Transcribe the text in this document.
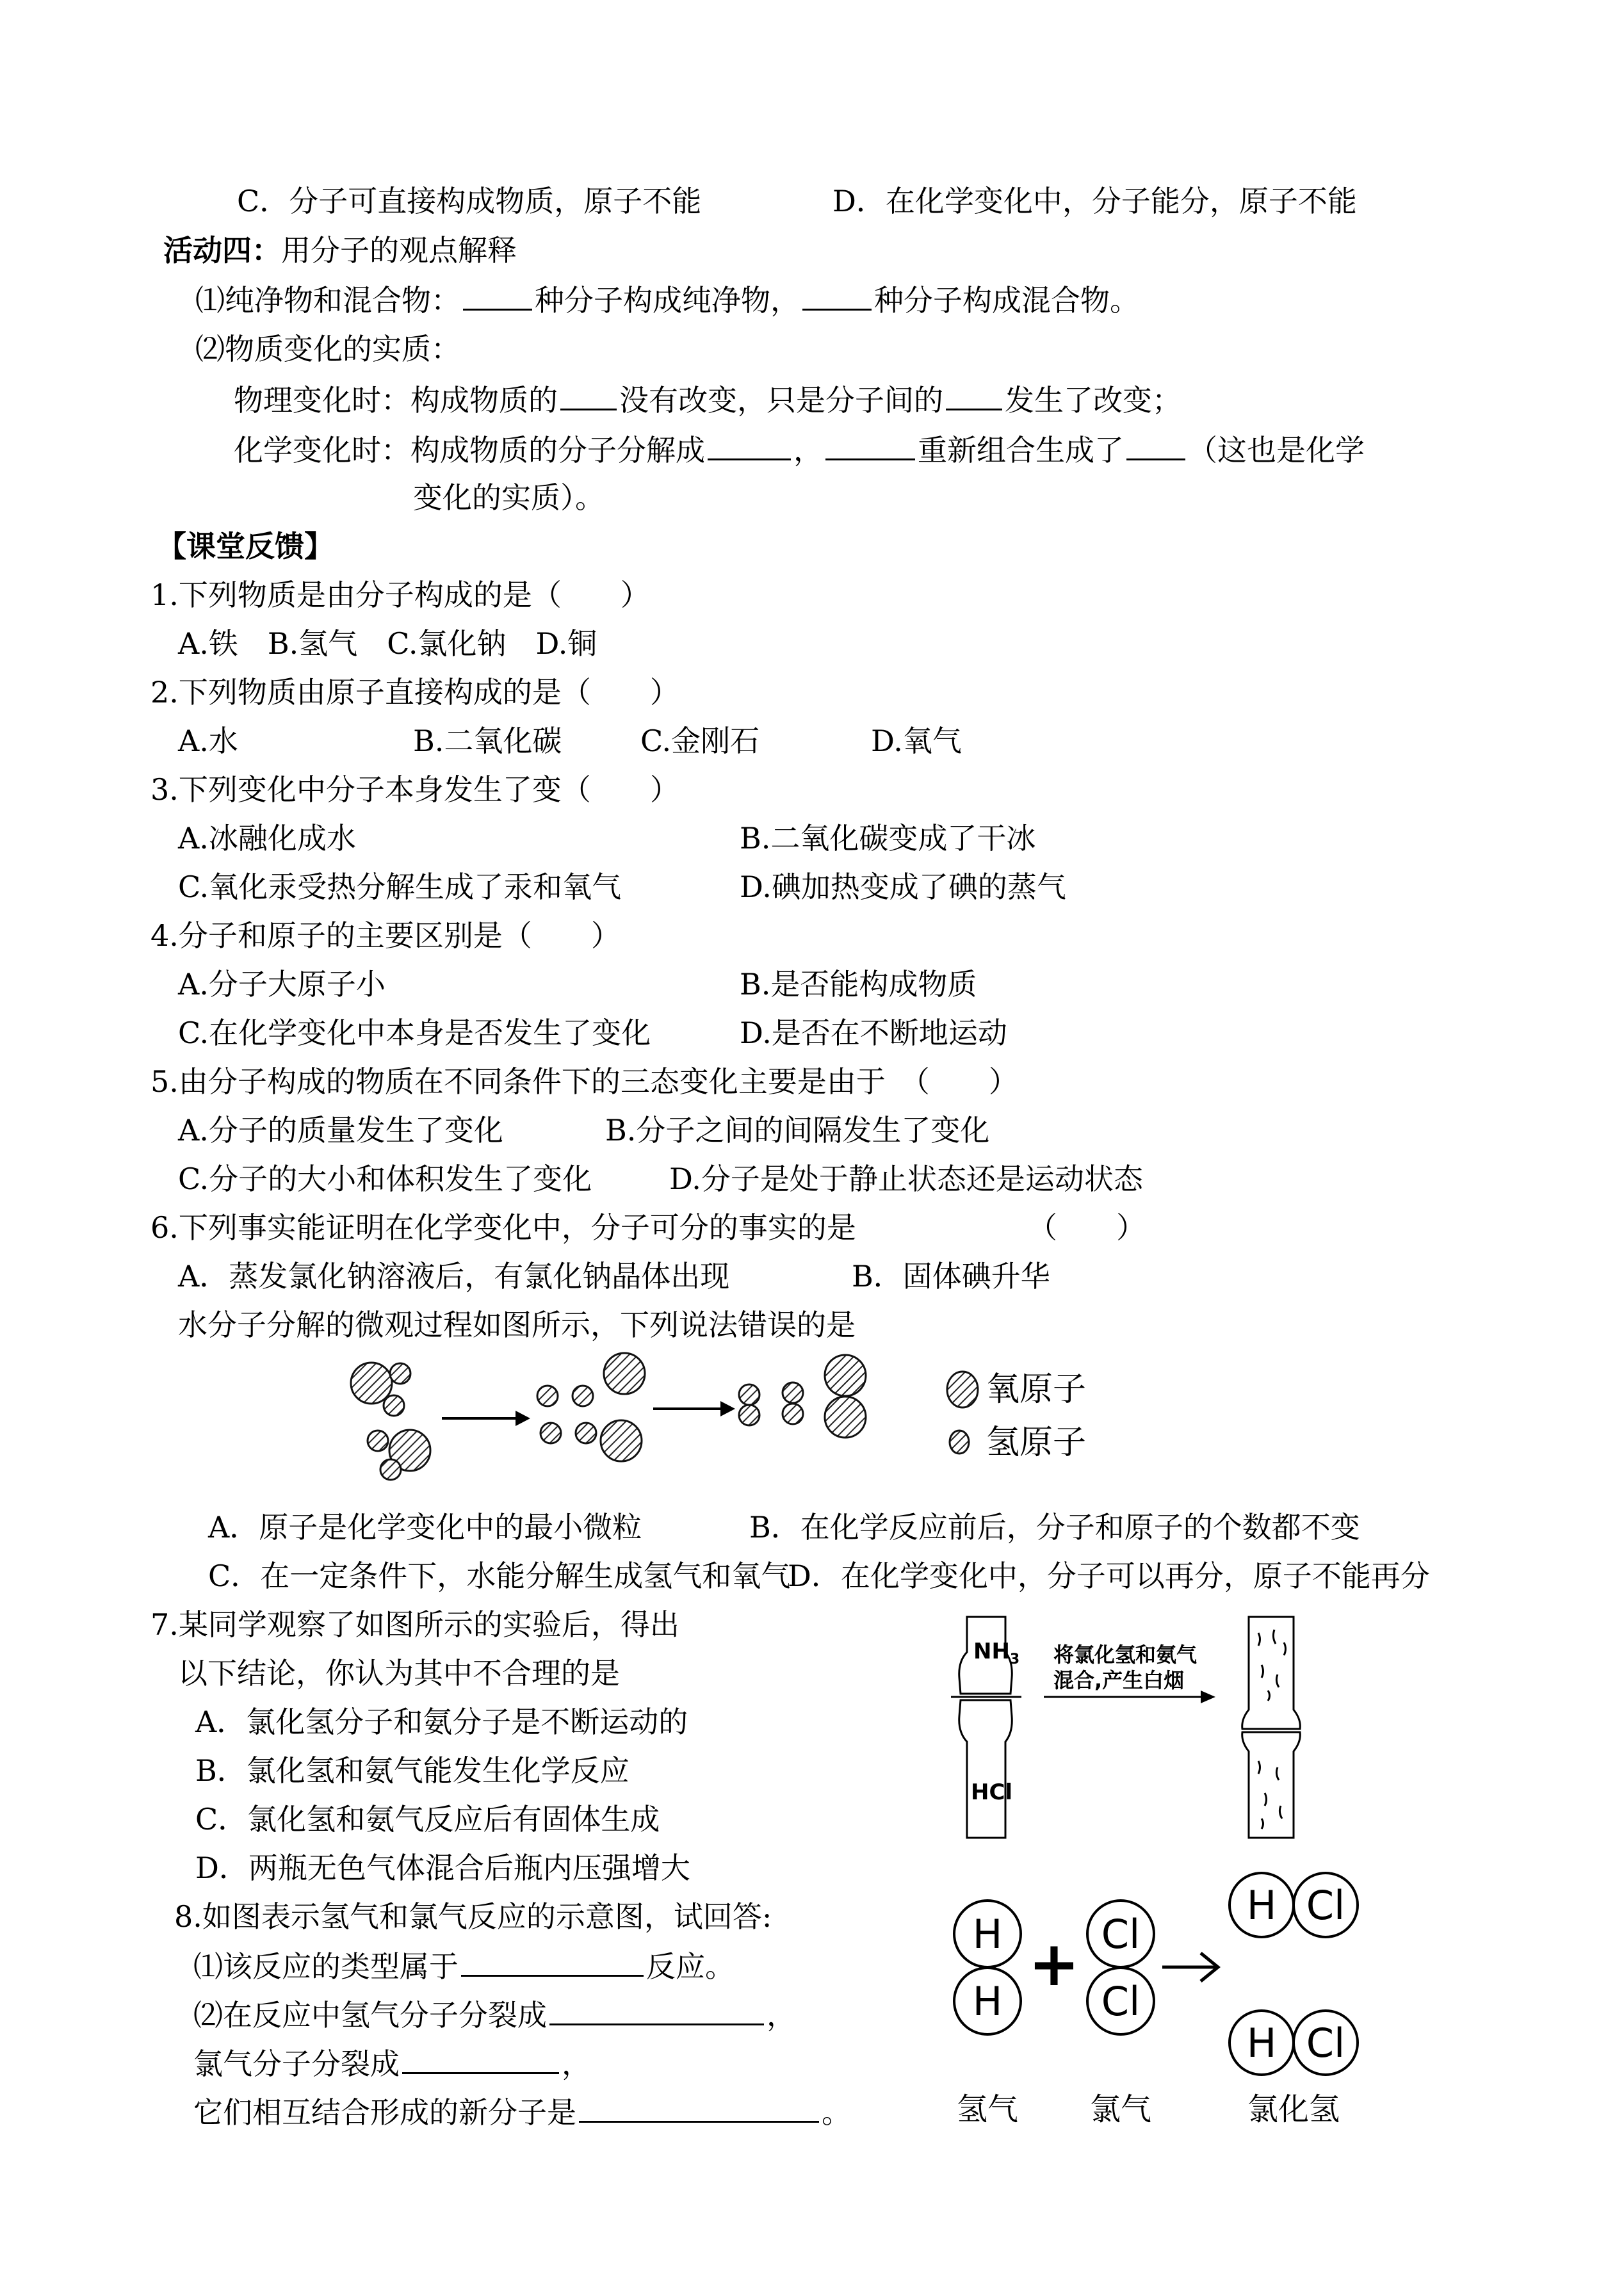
C．分子可直接构成物质，原子不能	D．在化学变化中，分子能分，原子不能
活动四：用分子的观点解释
⑴纯净物和混合物：	种分子构成纯净物，	种分子构成混合物。
⑵物质变化的实质：
物理变化时：构成物质的 没有改变，只是分子间的 发生了改变；
化学变化时：构成物质的分子分解成	，	重新组合生成了 （这也是化学
变化的实质）。
【课堂反馈】
1.下列物质是由分子构成的是（　　）
A.铁　B.氢气　C.氯化钠　D.铜
2.下列物质由原子直接构成的是（　　）
A.水	B.二氧化碳	C.金刚石	D.氧气
3.下列变化中分子本身发生了变（　　）
A.冰融化成水	B.二氧化碳变成了干冰
C.氧化汞受热分解生成了汞和氧气	D.碘加热变成了碘的蒸气
4.分子和原子的主要区别是（　　）
A.分子大原子小	B.是否能构成物质
C.在化学变化中本身是否发生了变化	D.是否在不断地运动
5.由分子构成的物质在不同条件下的三态变化主要是由于　（　　）
A.分子的质量发生了变化	B.分子之间的间隔发生了变化
C.分子的大小和体积发生了变化	D.分子是处于静止状态还是运动状态
6.下列事实能证明在化学变化中，分子可分的事实的是	（　　）
A．蒸发氯化钠溶液后，有氯化钠晶体出现	B．固体碘升华
水分子分解的微观过程如图所示，下列说法错误的是
氧原子
氢原子
A．原子是化学变化中的最小微粒	B．在化学反应前后，分子和原子的个数都不变
C．在一定条件下，水能分解生成氢气和氧气
D．在化学变化中，分子可以再分，原子不能再分
7.某同学观察了如图所示的实验后，得出
以下结论，你认为其中不合理的是
A．氯化氢分子和氨分子是不断运动的
B．氯化氢和氨气能发生化学反应
C．氯化氢和氨气反应后有固体生成
D．两瓶无色气体混合后瓶内压强增大
$NH_3$
HCl
将氯化氢和氨气
混合,产生白烟
8.如图表示氢气和氯气反应的示意图，试回答:
⑴该反应的类型属于	反应。
⑵在反应中氢气分子分裂成	，
氯气分子分裂成	，
它们相互结合形成的新分子是	。
H
H
Cl
Cl
H Cl
H Cl
+
氢气 氯气	氯化氢
